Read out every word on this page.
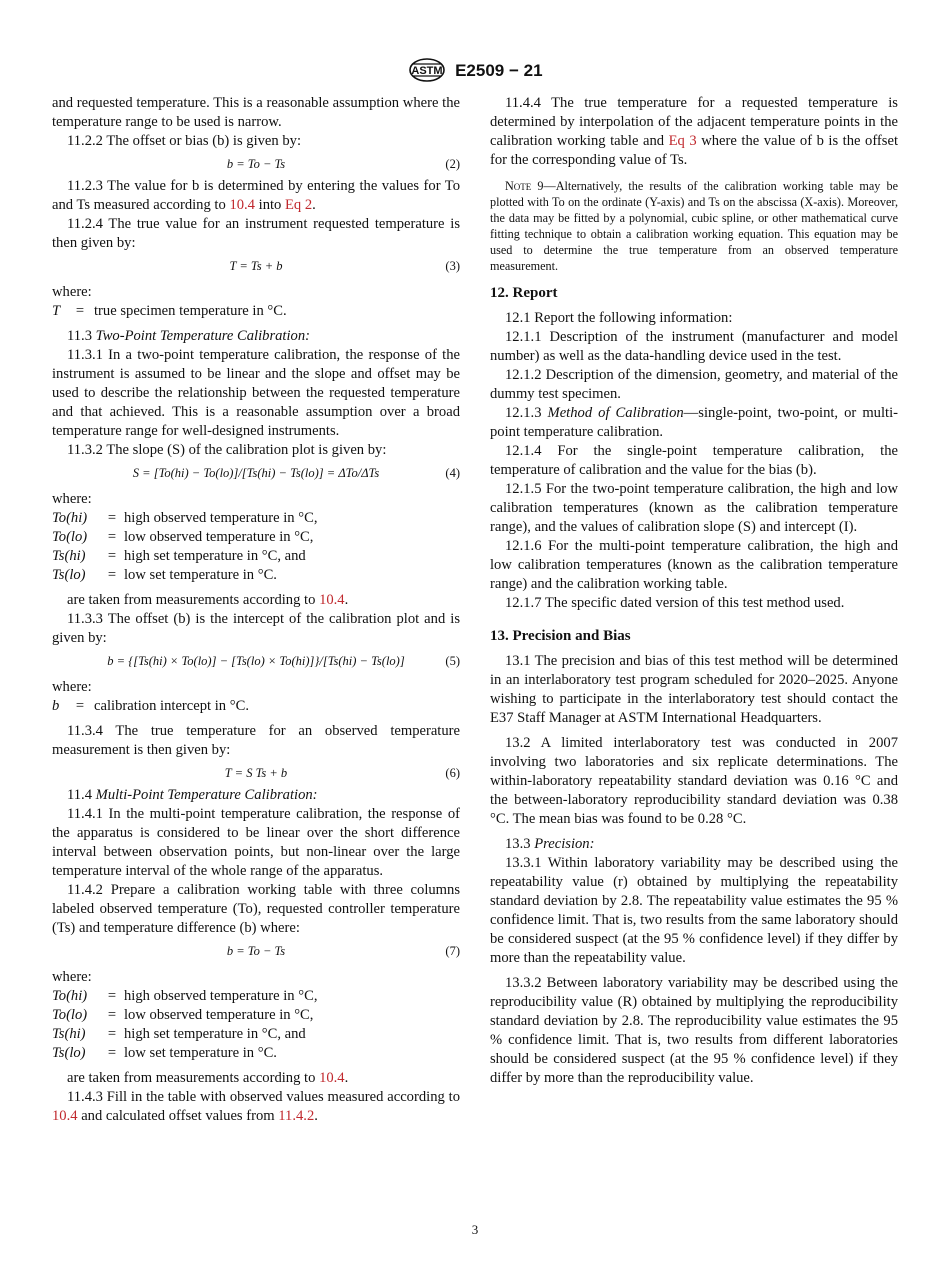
ASTM E2509 − 21

and requested temperature. This is a reasonable assumption where the temperature range to be used is narrow.

11.2.2 The offset or bias (b) is given by:

b = To − Ts	(2)

11.2.3 The value for b is determined by entering the values for To and Ts measured according to 10.4 into Eq 2.

11.2.4 The true value for an instrument requested temperature is then given by:

T = Ts + b	(3)

where:

T = true specimen temperature in °C.

11.3 Two-Point Temperature Calibration:

11.3.1 In a two-point temperature calibration, the response of the instrument is assumed to be linear and the slope and offset may be used to describe the relationship between the requested temperature and that achieved. This is a reasonable assumption over a broad temperature range for well-designed instruments.

11.3.2 The slope (S) of the calibration plot is given by:

S = [To(hi) − To(lo)]/[Ts(hi) − Ts(lo)] = ΔTo/ΔTs	(4)

where:

To(hi) = high observed temperature in °C,
To(lo) = low observed temperature in °C,
Ts(hi) = high set temperature in °C, and
Ts(lo) = low set temperature in °C.

are taken from measurements according to 10.4.

11.3.3 The offset (b) is the intercept of the calibration plot and is given by:

b = {[Ts(hi) × To(lo)] − [Ts(lo) × To(hi)]}/[Ts(hi) − Ts(lo)]	(5)

where:

b = calibration intercept in °C.

11.3.4 The true temperature for an observed temperature measurement is then given by:

T = S Ts + b	(6)

11.4 Multi-Point Temperature Calibration:

11.4.1 In the multi-point temperature calibration, the response of the apparatus is considered to be linear over the short difference interval between observation points, but non-linear over the large temperature interval of the whole range of the apparatus.

11.4.2 Prepare a calibration working table with three columns labeled observed temperature (To), requested controller temperature (Ts) and temperature difference (b) where:

b = To − Ts	(7)

where:

To(hi) = high observed temperature in °C,
To(lo) = low observed temperature in °C,
Ts(hi) = high set temperature in °C, and
Ts(lo) = low set temperature in °C.

are taken from measurements according to 10.4.

11.4.3 Fill in the table with observed values measured according to 10.4 and calculated offset values from 11.4.2.

11.4.4 The true temperature for a requested temperature is determined by interpolation of the adjacent temperature points in the calibration working table and Eq 3 where the value of b is the offset for the corresponding value of Ts.

Note 9—Alternatively, the results of the calibration working table may be plotted with To on the ordinate (Y-axis) and Ts on the abscissa (X-axis). Moreover, the data may be fitted by a polynomial, cubic spline, or other mathematical curve fitting technique to obtain a calibration working equation. This equation may be used to determine the true temperature from an observed temperature measurement.

12. Report

12.1 Report the following information:

12.1.1 Description of the instrument (manufacturer and model number) as well as the data-handling device used in the test.

12.1.2 Description of the dimension, geometry, and material of the dummy test specimen.

12.1.3 Method of Calibration—single-point, two-point, or multi-point temperature calibration.

12.1.4 For the single-point temperature calibration, the temperature of calibration and the value for the bias (b).

12.1.5 For the two-point temperature calibration, the high and low calibration temperatures (known as the calibration temperature range), and the values of calibration slope (S) and intercept (I).

12.1.6 For the multi-point temperature calibration, the high and low calibration temperatures (known as the calibration temperature range) and the calibration working table.

12.1.7 The specific dated version of this test method used.

13. Precision and Bias

13.1 The precision and bias of this test method will be determined in an interlaboratory test program scheduled for 2020–2025. Anyone wishing to participate in the interlaboratory test should contact the E37 Staff Manager at ASTM International Headquarters.

13.2 A limited interlaboratory test was conducted in 2007 involving two laboratories and six replicate determinations. The within-laboratory repeatability standard deviation was 0.16 °C and the between-laboratory reproducibility standard deviation was 0.38 °C. The mean bias was found to be 0.28 °C.

13.3 Precision:

13.3.1 Within laboratory variability may be described using the repeatability value (r) obtained by multiplying the repeatability standard deviation by 2.8. The repeatability value estimates the 95 % confidence limit. That is, two results from the same laboratory should be considered suspect (at the 95 % confidence level) if they differ by more than the repeatability value.

13.3.2 Between laboratory variability may be described using the reproducibility value (R) obtained by multiplying the reproducibility standard deviation by 2.8. The reproducibility value estimates the 95 % confidence limit. That is, two results from different laboratories should be considered suspect (at the 95 % confidence level) if they differ by more than the reproducibility value.

3
